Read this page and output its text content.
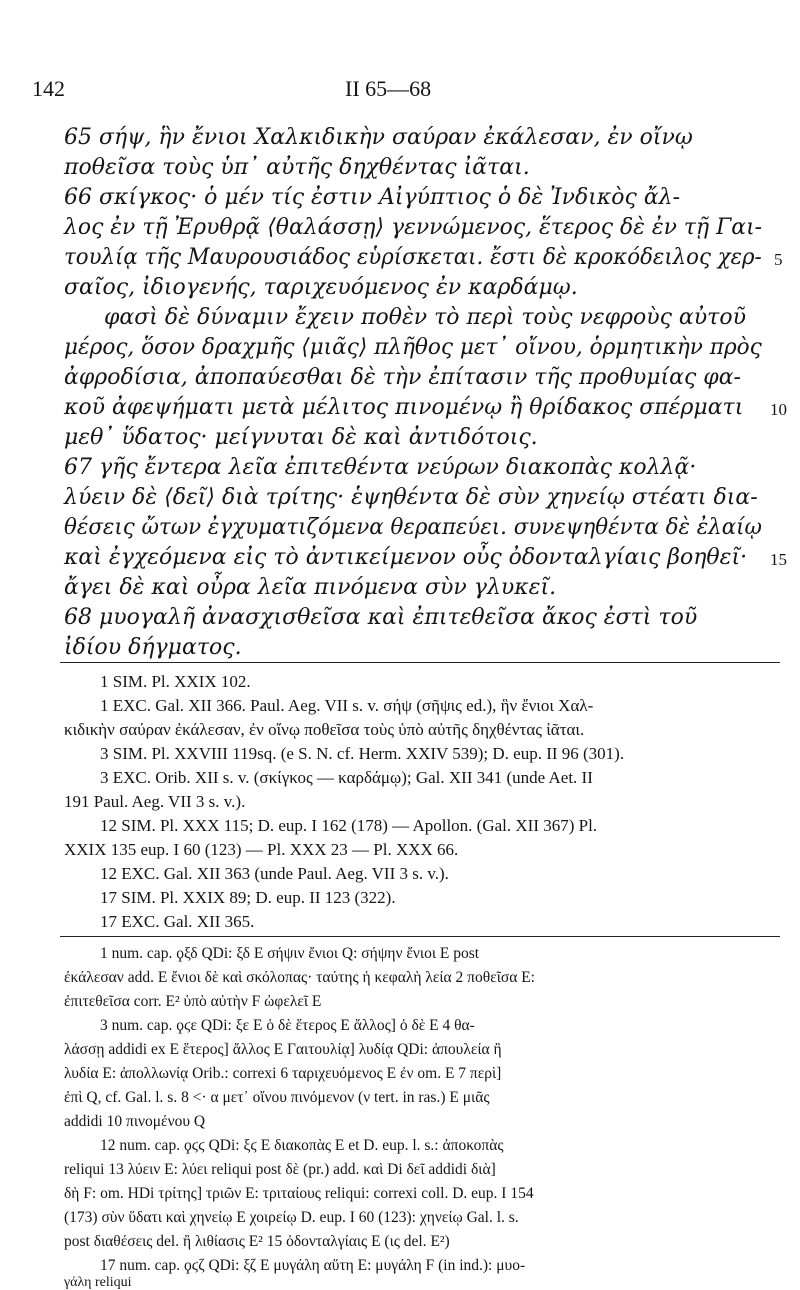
142	II 65—68
65 σήψ, ἣν ἔνιοι Χαλκιδικὴν σαύραν ἐκάλεσαν, ἐν οἴνῳ
ποθεῖσα τοὺς ὑπ᾿ αὐτῆς δηχθέντας ἰᾶται.
66 σκίγκος· ὁ μέν τίς ἐστιν Αἰγύπτιος ὁ δὲ Ἰνδικὸς ἄλ-
λος ἐν τῇ Ἐρυθρᾷ ⟨θαλάσσῃ⟩ γεννώμενος, ἕτερος δὲ ἐν τῇ Γαι-
τουλίᾳ τῆς Μαυρουσιάδος εὑρίσκεται. ἔστι δὲ κροκόδειλος χερ-
σαῖος, ἰδιογενής, ταριχευόμενος ἐν καρδάμῳ.
φασὶ δὲ δύναμιν ἔχειν ποθὲν τὸ περὶ τοὺς νεφροὺς αὐτοῦ
μέρος, ὅσον δραχμῆς ⟨μιᾶς⟩ πλῆθος μετ᾿ οἴνου, ὁρμητικὴν πρὸς
ἀφροδίσια, ἀποπαύεσθαι δὲ τὴν ἐπίτασιν τῆς προθυμίας φα-
κοῦ ἀφεψήματι μετὰ μέλιτος πινομένῳ ἢ θρίδακος σπέρματι
μεθ᾿ ὕδατος· μείγνυται δὲ καὶ ἀντιδότοις.
67 γῆς ἔντερα λεῖα ἐπιτεθέντα νεύρων διακοπὰς κολλᾷ·
λύειν δὲ ⟨δεῖ⟩ διὰ τρίτης· ἑψηθέντα δὲ σὺν χηνείῳ στέατι δια-
θέσεις ὤτων ἐγχυματιζόμενα θεραπεύει. συνεψηθέντα δὲ ἐλαίῳ
καὶ ἐγχεόμενα εἰς τὸ ἀντικείμενον οὖς ὀδονταλγίαις βοηθεῖ·
ἄγει δὲ καὶ οὖρα λεῖα πινόμενα σὺν γλυκεῖ.
68 μυογαλῆ ἀνασχισθεῖσα καὶ ἐπιτεθεῖσα ἄκος ἐστὶ τοῦ
ἰδίου δήγματος.
5
10
15
1 SIM. Pl. XXIX 102.
1 EXC. Gal. XII 366. Paul. Aeg. VII s. v. σήψ (σῆψις ed.), ἣν ἔνιοι Χαλ-
κιδικὴν σαύραν ἐκάλεσαν, ἐν οἴνῳ ποθεῖσα τοὺς ὑπὸ αὐτῆς δηχθέντας ἰᾶται.
3 SIM. Pl. XXVIII 119sq. (e S. N. cf. Herm. XXIV 539); D. eup. II 96 (301).
3 EXC. Orib. XII s. v. (σκίγκος — καρδάμῳ); Gal. XII 341 (unde Aet. II
191 Paul. Aeg. VII 3 s. v.).
12 SIM. Pl. XXX 115; D. eup. I 162 (178) — Apollon. (Gal. XII 367) Pl.
XXIX 135 eup. I 60 (123) — Pl. XXX 23 — Pl. XXX 66.
12 EXC. Gal. XII 363 (unde Paul. Aeg. VII 3 s. v.).
17 SIM. Pl. XXIX 89; D. eup. II 123 (322).
17 EXC. Gal. XII 365.
1 num. cap. ϙξδ QDi: ξδ E σήψιν ἔνιοι Q: σήψην ἔνιοι E post
ἐκάλεσαν add. E ἔνιοι δὲ καὶ σκόλοπας· ταύτης ἡ κεφαλὴ λεία 2 ποθεῖσα E:
ἐπιτεθεῖσα corr. E² ὑπὸ αὐτὴν F ὠφελεῖ E
3 num. cap. ϙϛε QDi: ξε E ὁ δὲ ἕτερος E ἄλλος] ὁ δὲ E 4 θα-
λάσσῃ addidi ex E ἕτερος] ἄλλος E Γαιτουλίᾳ] λυδίᾳ QDi: ἀπουλεία ἢ
λυδία E: ἀπολλωνίᾳ Orib.: correxi 6 ταριχευόμενος E ἐν om. E 7 περὶ]
ἐπὶ Q, cf. Gal. l. s. 8 <· α μετ᾿ οἴνου πινόμενον (ν tert. in ras.) E μιᾶς
addidi 10 πινομένου Q
12 num. cap. ϙϛϛ QDi: ξϛ E διακοπὰς E et D. eup. l. s.: ἀποκοπὰς
reliqui 13 λύειν E: λύει reliqui post δὲ (pr.) add. καὶ Di δεῖ addidi διὰ]
δὴ F: om. HDi τρίτης] τριῶν E: τριταίους reliqui: correxi coll. D. eup. I 154
(173) σὺν ὕδατι καὶ χηνείῳ E χοιρείῳ D. eup. I 60 (123): χηνείῳ Gal. l. s.
post διαθέσεις del. ἢ λιθίασις E² 15 ὀδονταλγίαις E (ις del. E²)
17 num. cap. ϙϛζ QDi: ξζ E μυγάλη αὕτη E: μυγάλη F (in ind.): μυο-
γάλη reliqui
